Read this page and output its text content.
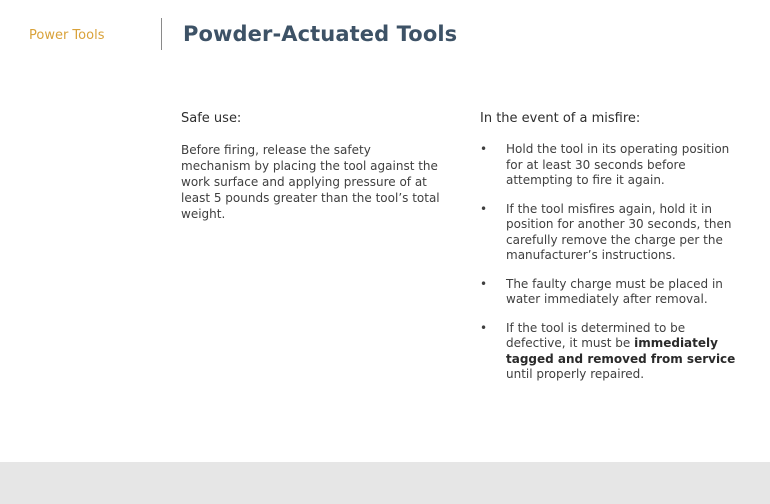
Power Tools	Powder-Actuated Tools
Safe use:

Before firing, release the safety mechanism by placing the tool against the work surface and applying pressure of at least 5 pounds greater than the tool’s total weight.

In the event of a misfire:
• Hold the tool in its operating position for at least 30 seconds before attempting to fire it again.
• If the tool misfires again, hold it in position for another 30 seconds, then carefully remove the charge per the manufacturer’s instructions.
• The faulty charge must be placed in water immediately after removal.
• If the tool is determined to be defective, it must be immediately tagged and removed from service until properly repaired.
